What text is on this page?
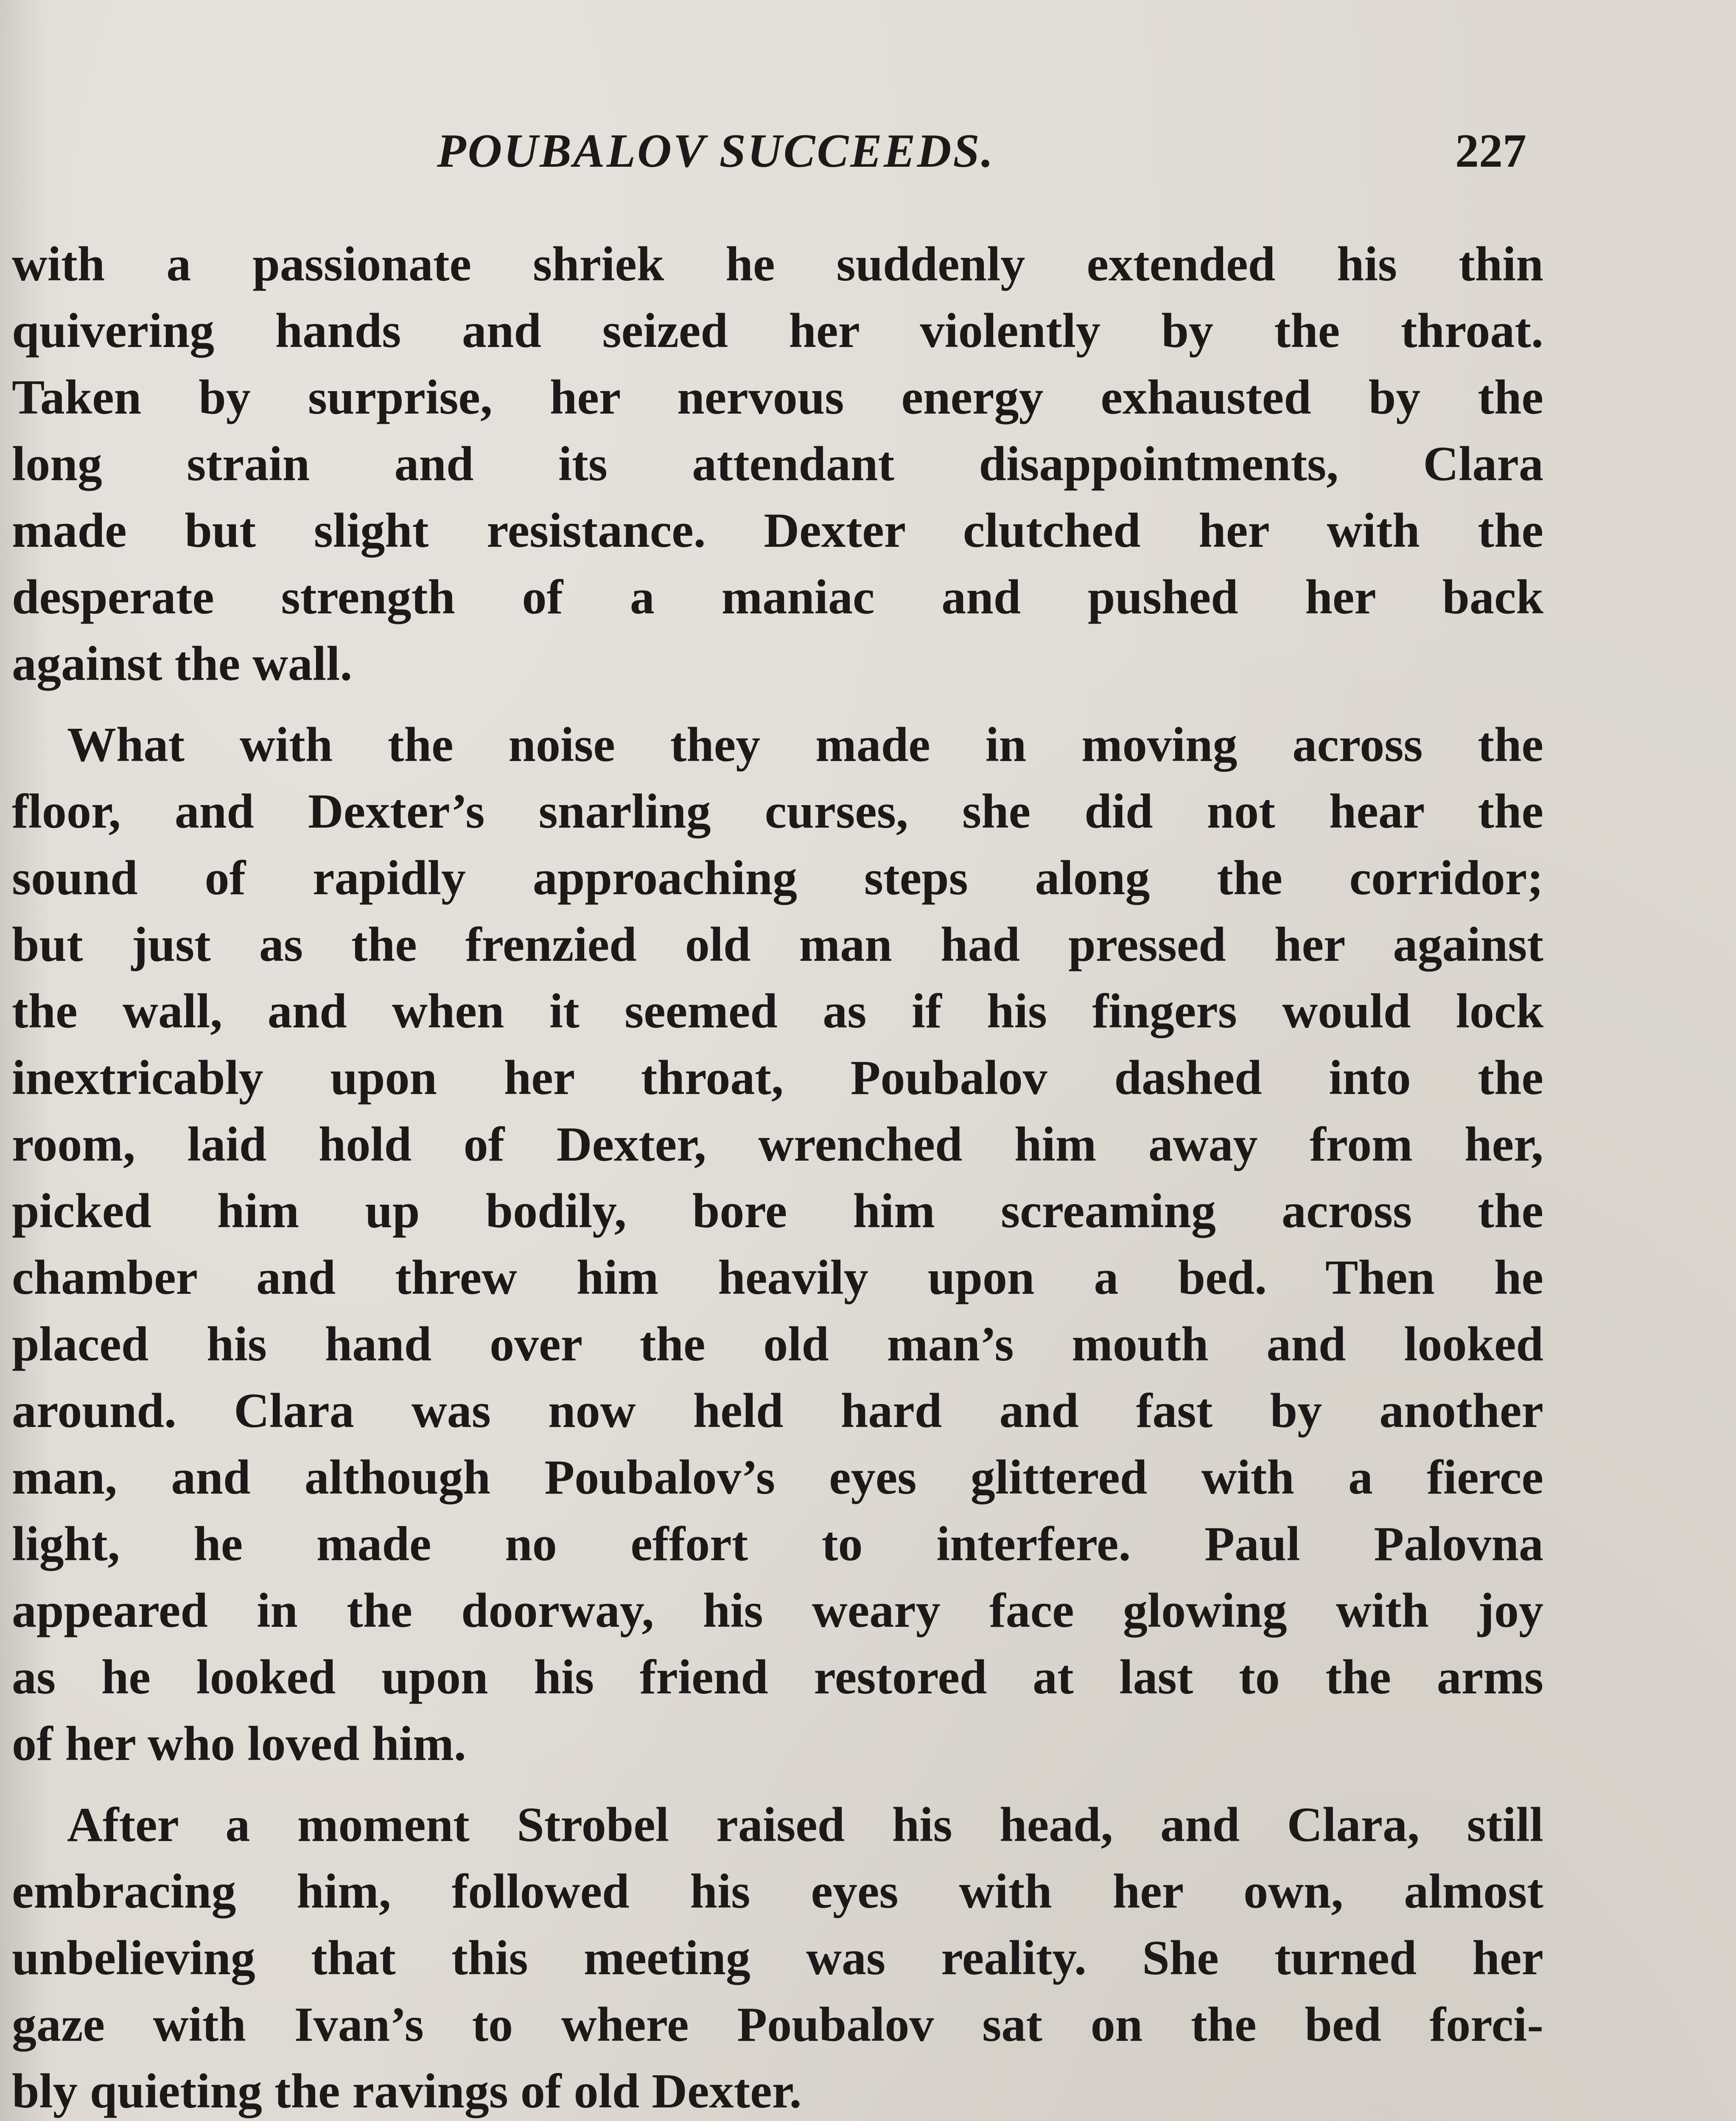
POUBALOV SUCCEEDS.	227
with a passionate shriek he suddenly extended his thin
quivering hands and seized her violently by the throat.
Taken by surprise, her nervous energy exhausted by the
long strain and its attendant disappointments, Clara
made but slight resistance. Dexter clutched her with the
desperate strength of a maniac and pushed her back
against the wall.
What with the noise they made in moving across the
floor, and Dexter’s snarling curses, she did not hear the
sound of rapidly approaching steps along the corridor;
but just as the frenzied old man had pressed her against
the wall, and when it seemed as if his fingers would lock
inextricably upon her throat, Poubalov dashed into the
room, laid hold of Dexter, wrenched him away from her,
picked him up bodily, bore him screaming across the
chamber and threw him heavily upon a bed. Then he
placed his hand over the old man’s mouth and looked
around. Clara was now held hard and fast by another
man, and although Poubalov’s eyes glittered with a fierce
light, he made no effort to interfere. Paul Palovna
appeared in the doorway, his weary face glowing with joy
as he looked upon his friend restored at last to the arms
of her who loved him.
After a moment Strobel raised his head, and Clara, still
embracing him, followed his eyes with her own, almost
unbelieving that this meeting was reality. She turned her
gaze with Ivan’s to where Poubalov sat on the bed forci-
bly quieting the ravings of old Dexter.
